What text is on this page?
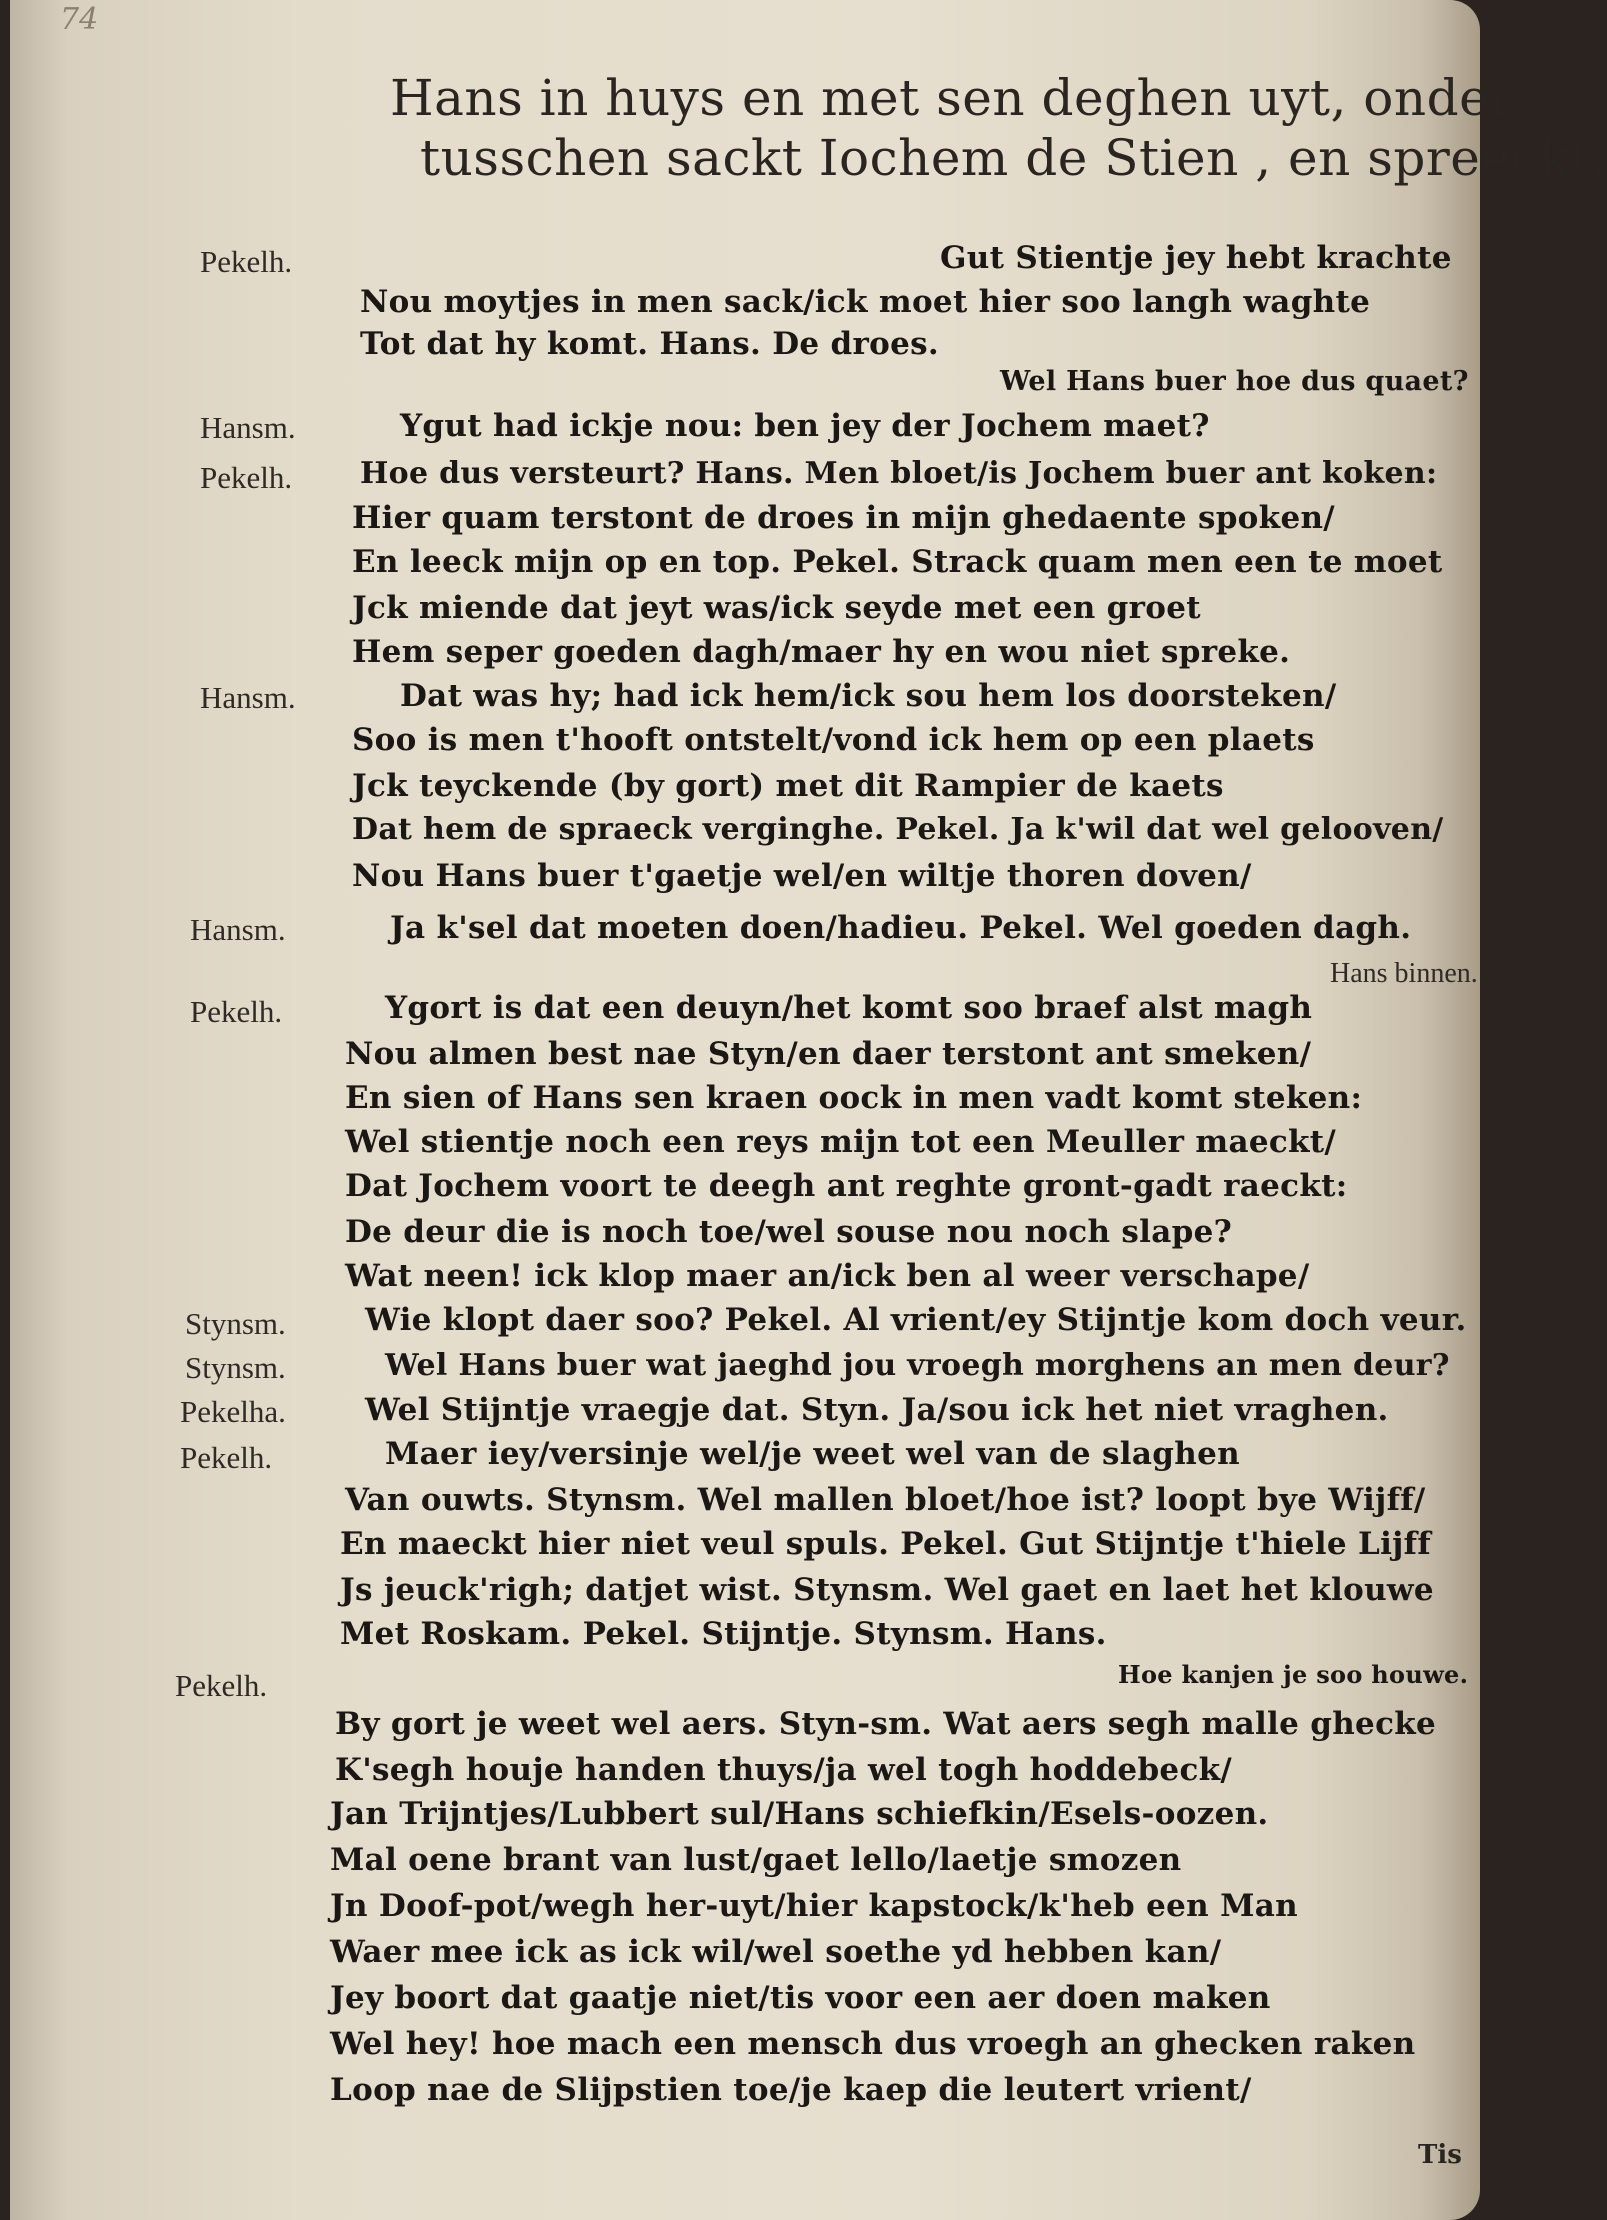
74
Hans in huys en met sen deghen uyt, onder
tusschen sackt Iochem de Stien , en spreeckt.
Pekelh.
Hansm.
Pekelh.
Hansm.
Hansm.
Pekelh.
Stynsm.
Stynsm.
Pekelha.
Pekelh.
Pekelh.
Hans binnen.
Gut Stientje jey hebt krachte
Nou moytjes in men sack/ick moet hier soo langh waghte
Tot dat hy komt. Hans. De droes.
Wel Hans buer hoe dus quaet?
Ygut had ickje nou: ben jey der Jochem maet?
Hoe dus versteurt? Hans. Men bloet/is Jochem buer ant koken:
Hier quam terstont de droes in mijn ghedaente spoken/
En leeck mijn op en top. Pekel. Strack quam men een te moet
Jck miende dat jeyt was/ick seyde met een groet
Hem seper goeden dagh/maer hy en wou niet spreke.
Dat was hy; had ick hem/ick sou hem los doorsteken/
Soo is men t'hooft ontstelt/vond ick hem op een plaets
Jck teyckende (by gort) met dit Rampier de kaets
Dat hem de spraeck verginghe. Pekel. Ja k'wil dat wel gelooven/
Nou Hans buer t'gaetje wel/en wiltje thoren doven/
Ja k'sel dat moeten doen/hadieu. Pekel. Wel goeden dagh.
Ygort is dat een deuyn/het komt soo braef alst magh
Nou almen best nae Styn/en daer terstont ant smeken/
En sien of Hans sen kraen oock in men vadt komt steken:
Wel stientje noch een reys mijn tot een Meuller maeckt/
Dat Jochem voort te deegh ant reghte gront-gadt raeckt:
De deur die is noch toe/wel souse nou noch slape?
Wat neen! ick klop maer an/ick ben al weer verschape/
Wie klopt daer soo? Pekel. Al vrient/ey Stijntje kom doch veur.
Wel Hans buer wat jaeghd jou vroegh morghens an men deur?
Wel Stijntje vraegje dat. Styn. Ja/sou ick het niet vraghen.
Maer iey/versinje wel/je weet wel van de slaghen
Van ouwts. Stynsm. Wel mallen bloet/hoe ist? loopt bye Wijff/
En maeckt hier niet veul spuls. Pekel. Gut Stijntje t'hiele Lijff
Js jeuck'righ; datjet wist. Stynsm. Wel gaet en laet het klouwe
Met Roskam. Pekel. Stijntje. Stynsm. Hans.
Hoe kanjen je soo houwe.
By gort je weet wel aers. Styn-sm. Wat aers segh malle ghecke
K'segh houje handen thuys/ja wel togh hoddebeck/
Jan Trijntjes/Lubbert sul/Hans schiefkin/Esels-oozen.
Mal oene brant van lust/gaet lello/laetje smozen
Jn Doof-pot/wegh her-uyt/hier kapstock/k'heb een Man
Waer mee ick as ick wil/wel soethe yd hebben kan/
Jey boort dat gaatje niet/tis voor een aer doen maken
Wel hey! hoe mach een mensch dus vroegh an ghecken raken
Loop nae de Slijpstien toe/je kaep die leutert vrient/
Tis
